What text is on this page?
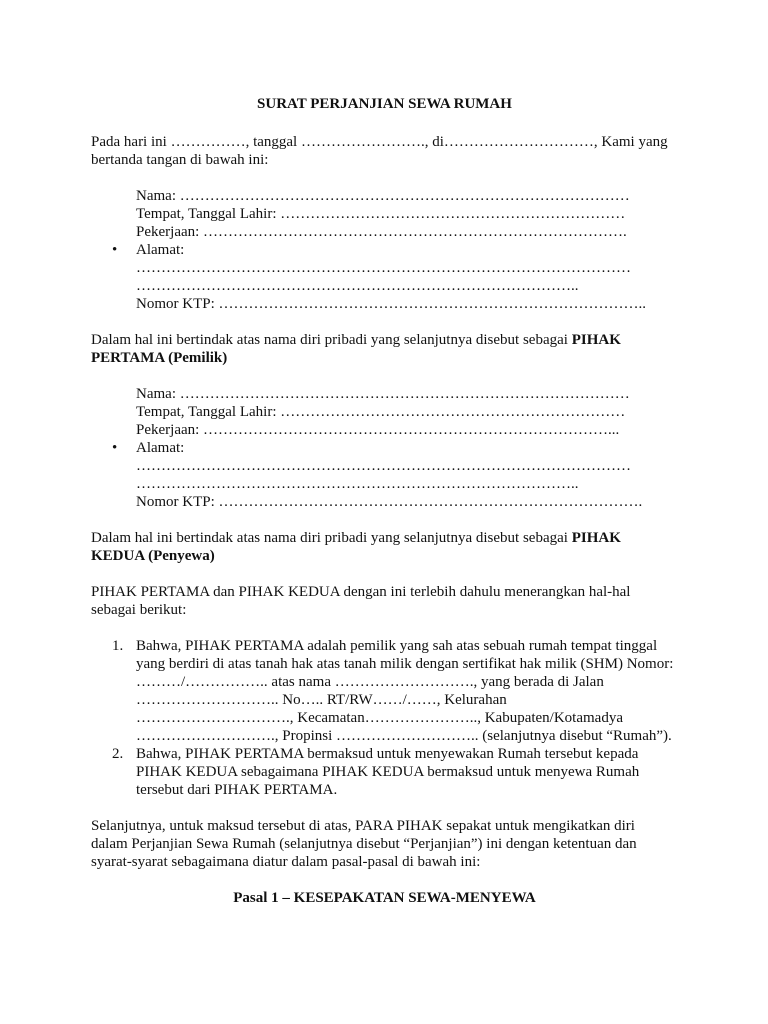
SURAT PERJANJIAN SEWA RUMAH
Pada hari ini ……………, tanggal ……………………., di…………………………, Kami yang
bertanda tangan di bawah ini:
• Nama: ………………………………………………………………………………
• Tempat, Tanggal Lahir: ……………………………………………………………
• Pekerjaan: ………………………………………………………………………….
• Alamat:
………………………………………………………………………………………
……………………………………………………………………………..
• Nomor KTP: …………………………………………………………………………..
Dalam hal ini bertindak atas nama diri pribadi yang selanjutnya disebut sebagai PIHAK
PERTAMA (Pemilik)
• Nama: ………………………………………………………………………………
• Tempat, Tanggal Lahir: ……………………………………………………………
• Pekerjaan: ………………………………………………………………………...
• Alamat:
………………………………………………………………………………………
……………………………………………………………………………..
• Nomor KTP: ………………………………………………………………………….
Dalam hal ini bertindak atas nama diri pribadi yang selanjutnya disebut sebagai PIHAK
KEDUA (Penyewa)
PIHAK PERTAMA dan PIHAK KEDUA dengan ini terlebih dahulu menerangkan hal-hal
sebagai berikut:
1. Bahwa, PIHAK PERTAMA adalah pemilik yang sah atas sebuah rumah tempat tinggal
yang berdiri di atas tanah hak atas tanah milik dengan sertifikat hak milik (SHM) Nomor:
………/…………….. atas nama ………………………., yang berada di Jalan
……………………….. No….. RT/RW……/……, Kelurahan
…………………………., Kecamatan………………….., Kabupaten/Kotamadya
………………………., Propinsi ……………………….. (selanjutnya disebut “Rumah”).
2. Bahwa, PIHAK PERTAMA bermaksud untuk menyewakan Rumah tersebut kepada
PIHAK KEDUA sebagaimana PIHAK KEDUA bermaksud untuk menyewa Rumah
tersebut dari PIHAK PERTAMA.
Selanjutnya, untuk maksud tersebut di atas, PARA PIHAK sepakat untuk mengikatkan diri
dalam Perjanjian Sewa Rumah (selanjutnya disebut “Perjanjian”) ini dengan ketentuan dan
syarat-syarat sebagaimana diatur dalam pasal-pasal di bawah ini:
Pasal 1 – KESEPAKATAN SEWA-MENYEWA
